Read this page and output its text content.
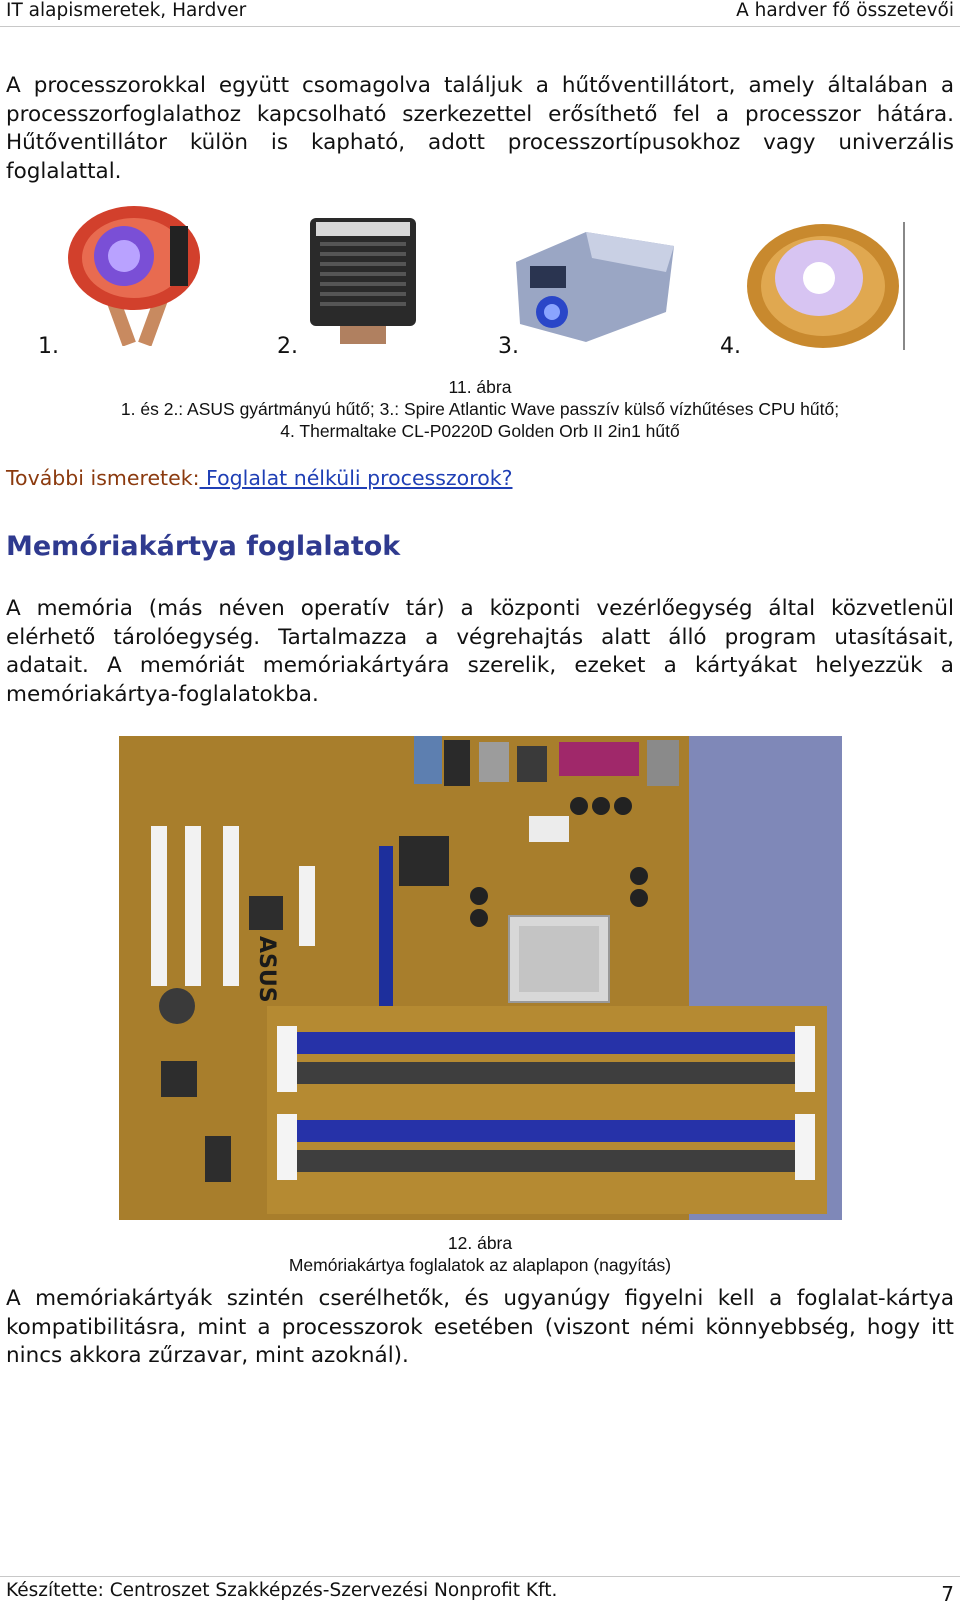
IT alapismeretek, Hardver	A hardver fő összetevői

A processzorokkal együtt csomagolva találjuk a hűtőventillátort, amely általában a processzorfoglalathoz kapcsolható szerkezettel erősíthető fel a processzor hátára. Hűtőventillátor külön is kapható, adott processzortípusokhoz vagy univerzális foglalattal.

1.	2.	3.	4.
11. ábra
1. és 2.: ASUS gyártmányú hűtő; 3.: Spire Atlantic Wave passzív külső vízhűtéses CPU hűtő;
4. Thermaltake CL-P0220D Golden Orb II 2in1 hűtő
További ismeretek: Foglalat nélküli processzorok?
Memóriakártya foglalatok

A memória (más néven operatív tár) a központi vezérlőegység által közvetlenül elérhető tárolóegység. Tartalmazza a végrehajtás alatt álló program utasításait, adatait. A memóriát memóriakártyára szerelik, ezeket a kártyákat helyezzük a memóriakártya-foglalatokba.

ASUS
12. ábra
Memóriakártya foglalatok az alaplapon (nagyítás)

A memóriakártyák szintén cserélhetők, és ugyanúgy figyelni kell a foglalat-kártya kompatibilitásra, mint a processzorok esetében (viszont némi könnyebbség, hogy itt nincs akkora zűrzavar, mint azoknál).

Készítette: Centroszet Szakképzés-Szervezési Nonprofit Kft.	7
